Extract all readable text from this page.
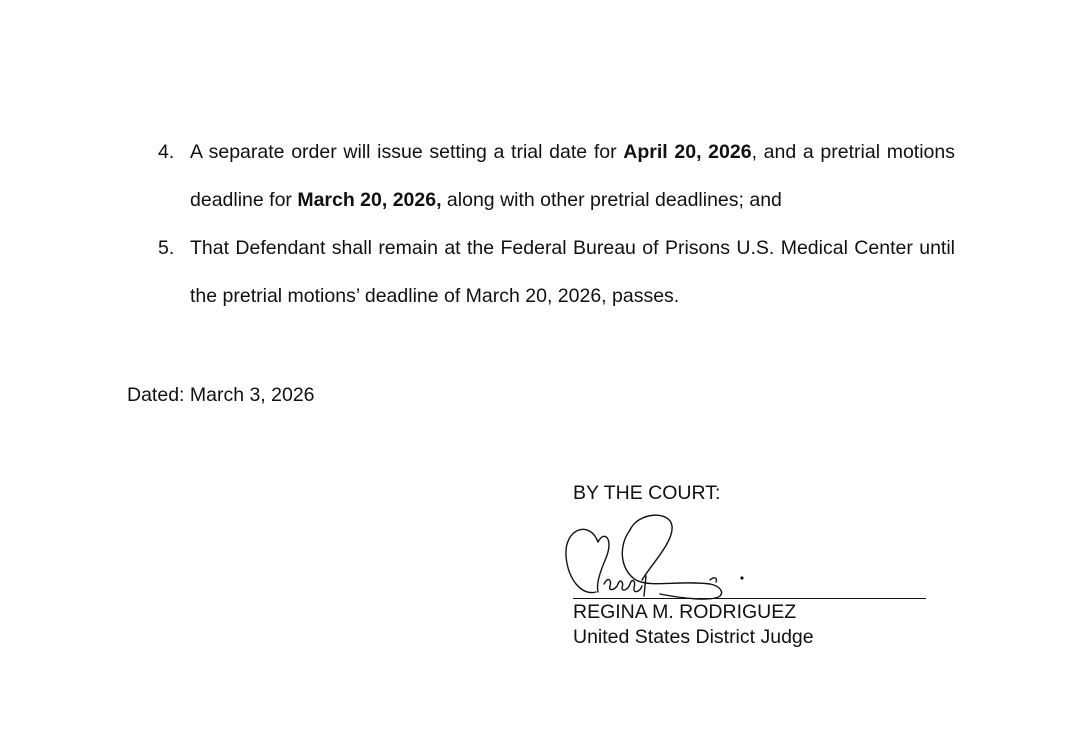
4. A separate order will issue setting a trial date for April 20, 2026, and a pretrial motions deadline for March 20, 2026, along with other pretrial deadlines; and
5. That Defendant shall remain at the Federal Bureau of Prisons U.S. Medical Center until the pretrial motions’ deadline of March 20, 2026, passes.
Dated: March 3, 2026
BY THE COURT:
REGINA M. RODRIGUEZ
United States District Judge
